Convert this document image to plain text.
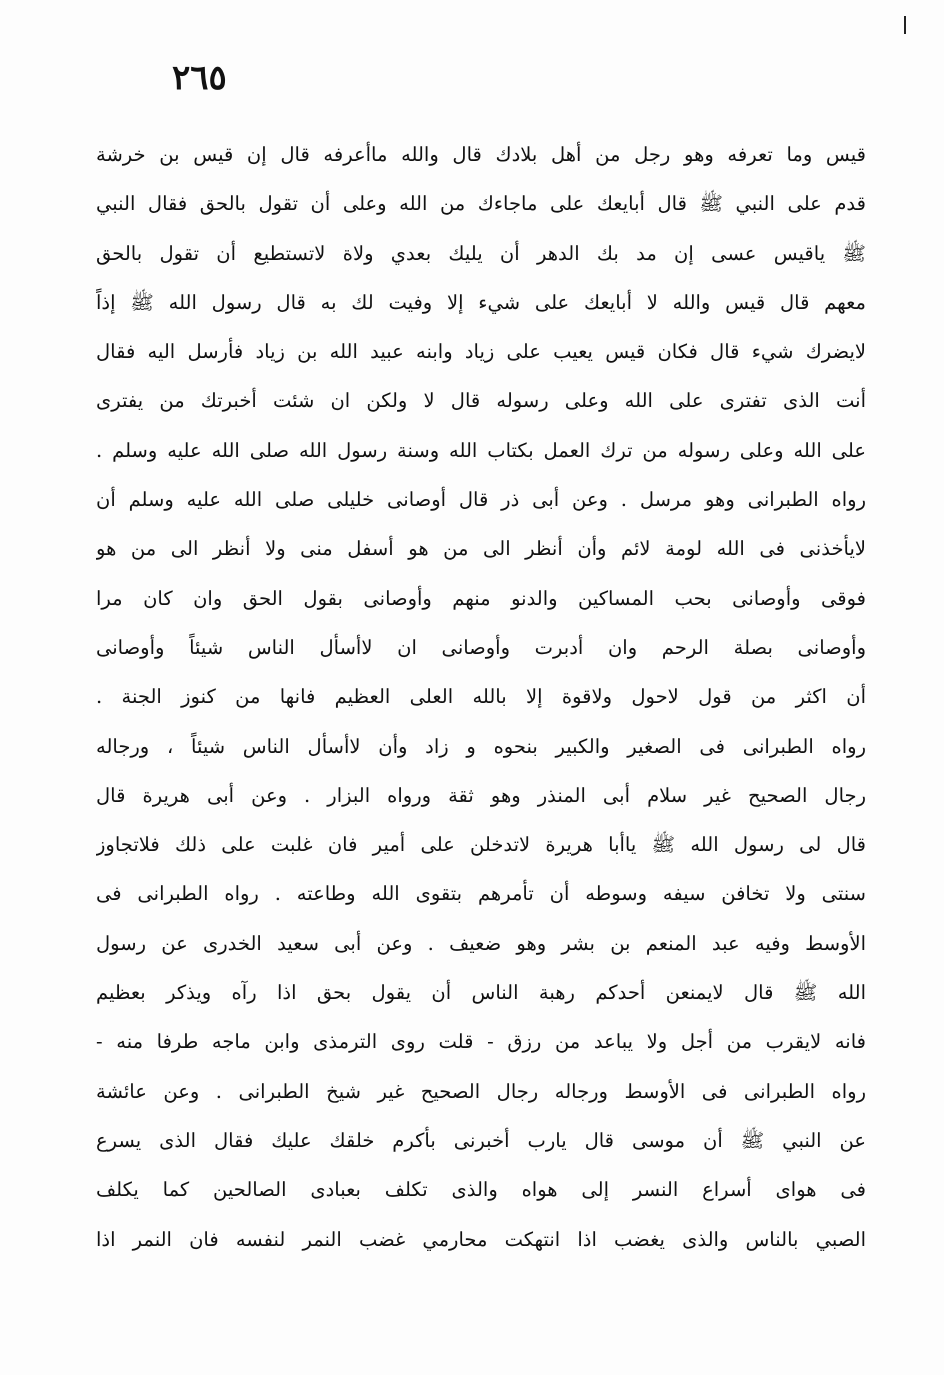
٢٦٥
قيس وما تعرفه وهو رجل من أهل بلادك قال والله ماأعرفه قال إن قيس بن خرشة
قدم على النبي ﷺ قال أبايعك على ماجاءك من الله وعلى أن تقول بالحق فقال النبي
ﷺ ياقيس عسى إن مد بك الدهر أن يليك بعدي ولاة لاتستطيع أن تقول بالحق
معهم قال قيس والله لا أبايعك على شيء إلا وفيت لك به قال رسول الله ﷺ إذاً
لايضرك شيء قال فكان قيس يعيب على زياد وابنه عبيد الله بن زياد فأرسل اليه فقال
أنت الذى تفترى على الله وعلى رسوله قال لا ولكن ان شئت أخبرتك من يفترى
على الله وعلى رسوله من ترك العمل بكتاب الله وسنة رسول الله صلى الله عليه وسلم .
رواه الطبرانى وهو مرسل . وعن أبى ذر قال أوصانى خليلى صلى الله عليه وسلم أن
لايأخذنى فى الله لومة لائم وأن أنظر الى من هو أسفل منى ولا أنظر الى من هو
فوقى وأوصانى بحب المساكين والدنو منهم وأوصانى بقول الحق وان كان مرا
وأوصانى بصلة الرحم وان أدبرت وأوصانى ان لاأسأل الناس شيئاً وأوصانى
أن اكثر من قول لاحول ولاقوة إلا بالله العلى العظيم فانها من كنوز الجنة .
رواه الطبرانى فى الصغير والكبير بنحوه و زاد وأن لاأسأل الناس شيئاً ، ورجاله
رجال الصحيح غير سلام أبى المنذر وهو ثقة ورواه البزار . وعن أبى هريرة قال
قال لى رسول الله ﷺ ياأبا هريرة لاتدخلن على أمير فان غلبت على ذلك فلاتجاوز
سنتى ولا تخافن سيفه وسوطه أن تأمرهم بتقوى الله وطاعته . رواه الطبرانى فى
الأوسط وفيه عبد المنعم بن بشر وهو ضعيف . وعن أبى سعيد الخدرى عن رسول
الله ﷺ قال لايمنعن أحدكم رهبة الناس أن يقول بحق اذا رآه ويذكر بعظيم
فانه لايقرب من أجل ولا يباعد من رزق - قلت روى الترمذى وابن ماجه طرفا منه -
رواه الطبرانى فى الأوسط ورجاله رجال الصحيح غير شيخ الطبرانى . وعن عائشة
عن النبي ﷺ أن موسى قال يارب أخبرنى بأكرم خلقك عليك فقال الذى يسرع
فى هواى أسراع النسر إلى هواه والذى تكلف بعبادى الصالحين كما يكلف
الصبي بالناس والذى يغضب اذا انتهكت محارمي غضب النمر لنفسه فان النمر اذا
